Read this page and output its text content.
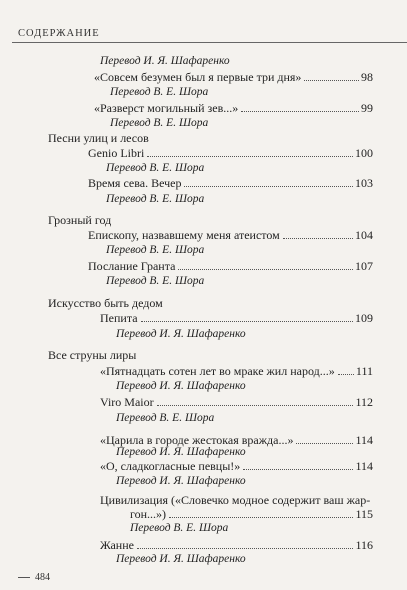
СОДЕРЖАНИЕ
Перевод И. Я. Шафаренко
«Совсем безумен был я первые три дня»	98
Перевод В. Е. Шора
«Разверст могильный зев...»	99
Перевод В. Е. Шора
Песни улиц и лесов
Genio Libri	100
Перевод В. Е. Шора
Время сева. Вечер	103
Перевод В. Е. Шора
Грозный год
Епископу, назвавшему меня атеистом	104
Перевод В. Е. Шора
Послание Гранта	107
Перевод В. Е. Шора
Искусство быть дедом
Пепита	109
Перевод И. Я. Шафаренко
Все струны лиры
«Пятнадцать сотен лет во мраке жил народ...» 111
Перевод И. Я. Шафаренко
Viro Maior	112
Перевод В. Е. Шора
«Царила в городе жестокая вражда...»	114
Перевод И. Я. Шафаренко
«О, сладкогласные певцы!»	114
Перевод И. Я. Шафаренко
Цивилизация («Словечко модное содержит ваш жар-
гон...»)	115
Перевод В. Е. Шора
Жанне	116
Перевод И. Я. Шафаренко
484
